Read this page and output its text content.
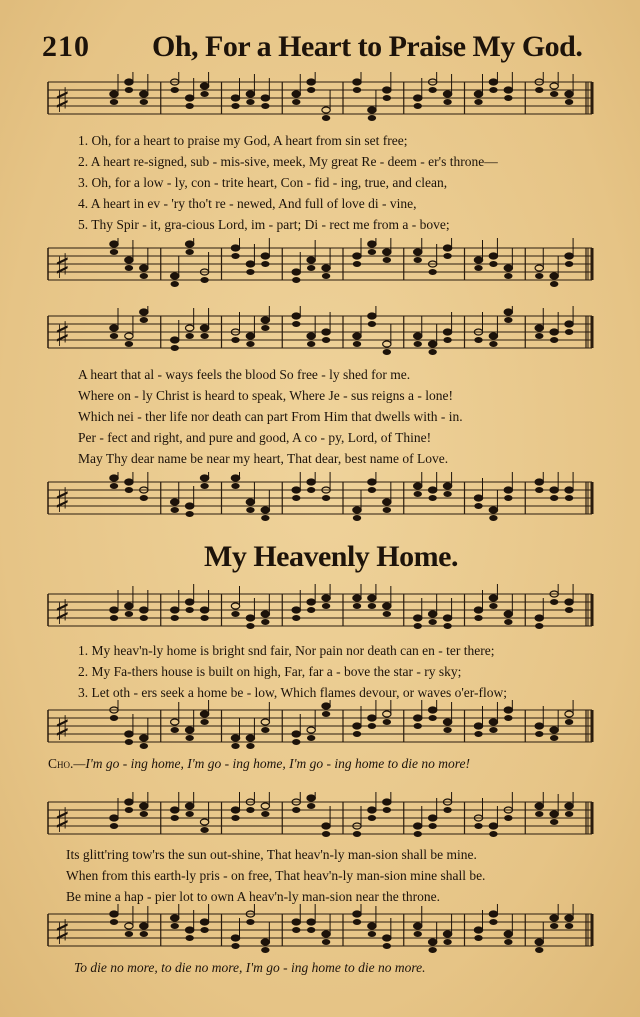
210 Oh, For a Heart to Praise My God.
♯
1. Oh, for a heart to praise my God, A heart from sin set free;
2. A heart re-signed, sub - mis-sive, meek, My great Re - deem - er's throne—
3. Oh, for a low - ly, con - trite heart, Con - fid - ing, true, and clean,
4. A heart in ev - 'ry tho't re - newed, And full of love di - vine,
5. Thy Spir - it, gra-cious Lord, im - part; Di - rect me from a - bove;
♯
♯
A heart that al - ways feels the blood So free - ly shed for me.
Where on - ly Christ is heard to speak, Where Je - sus reigns a - lone!
Which nei - ther life nor death can part From Him that dwells with - in.
Per - fect and right, and pure and good, A co - py, Lord, of Thine!
May Thy dear name be near my heart, That dear, best name of Love.
♯
My Heavenly Home.
♯
1. My heav'n-ly home is bright snd fair, Nor pain nor death can en - ter there;
2. My Fa-thers house is built on high, Far, far a - bove the star - ry sky;
3. Let oth - ers seek a home be - low, Which flames devour, or waves o'er-flow;
♯
Cho.—I'm go - ing home, I'm go - ing home, I'm go - ing home to die no more!
♯
Its glitt'ring tow'rs the sun out-shine, That heav'n-ly man-sion shall be mine.
When from this earth-ly pris - on free, That heav'n-ly man-sion mine shall be.
Be mine a hap - pier lot to own A heav'n-ly man-sion near the throne.
♯
To die no more, to die no more, I'm go - ing home to die no more.
